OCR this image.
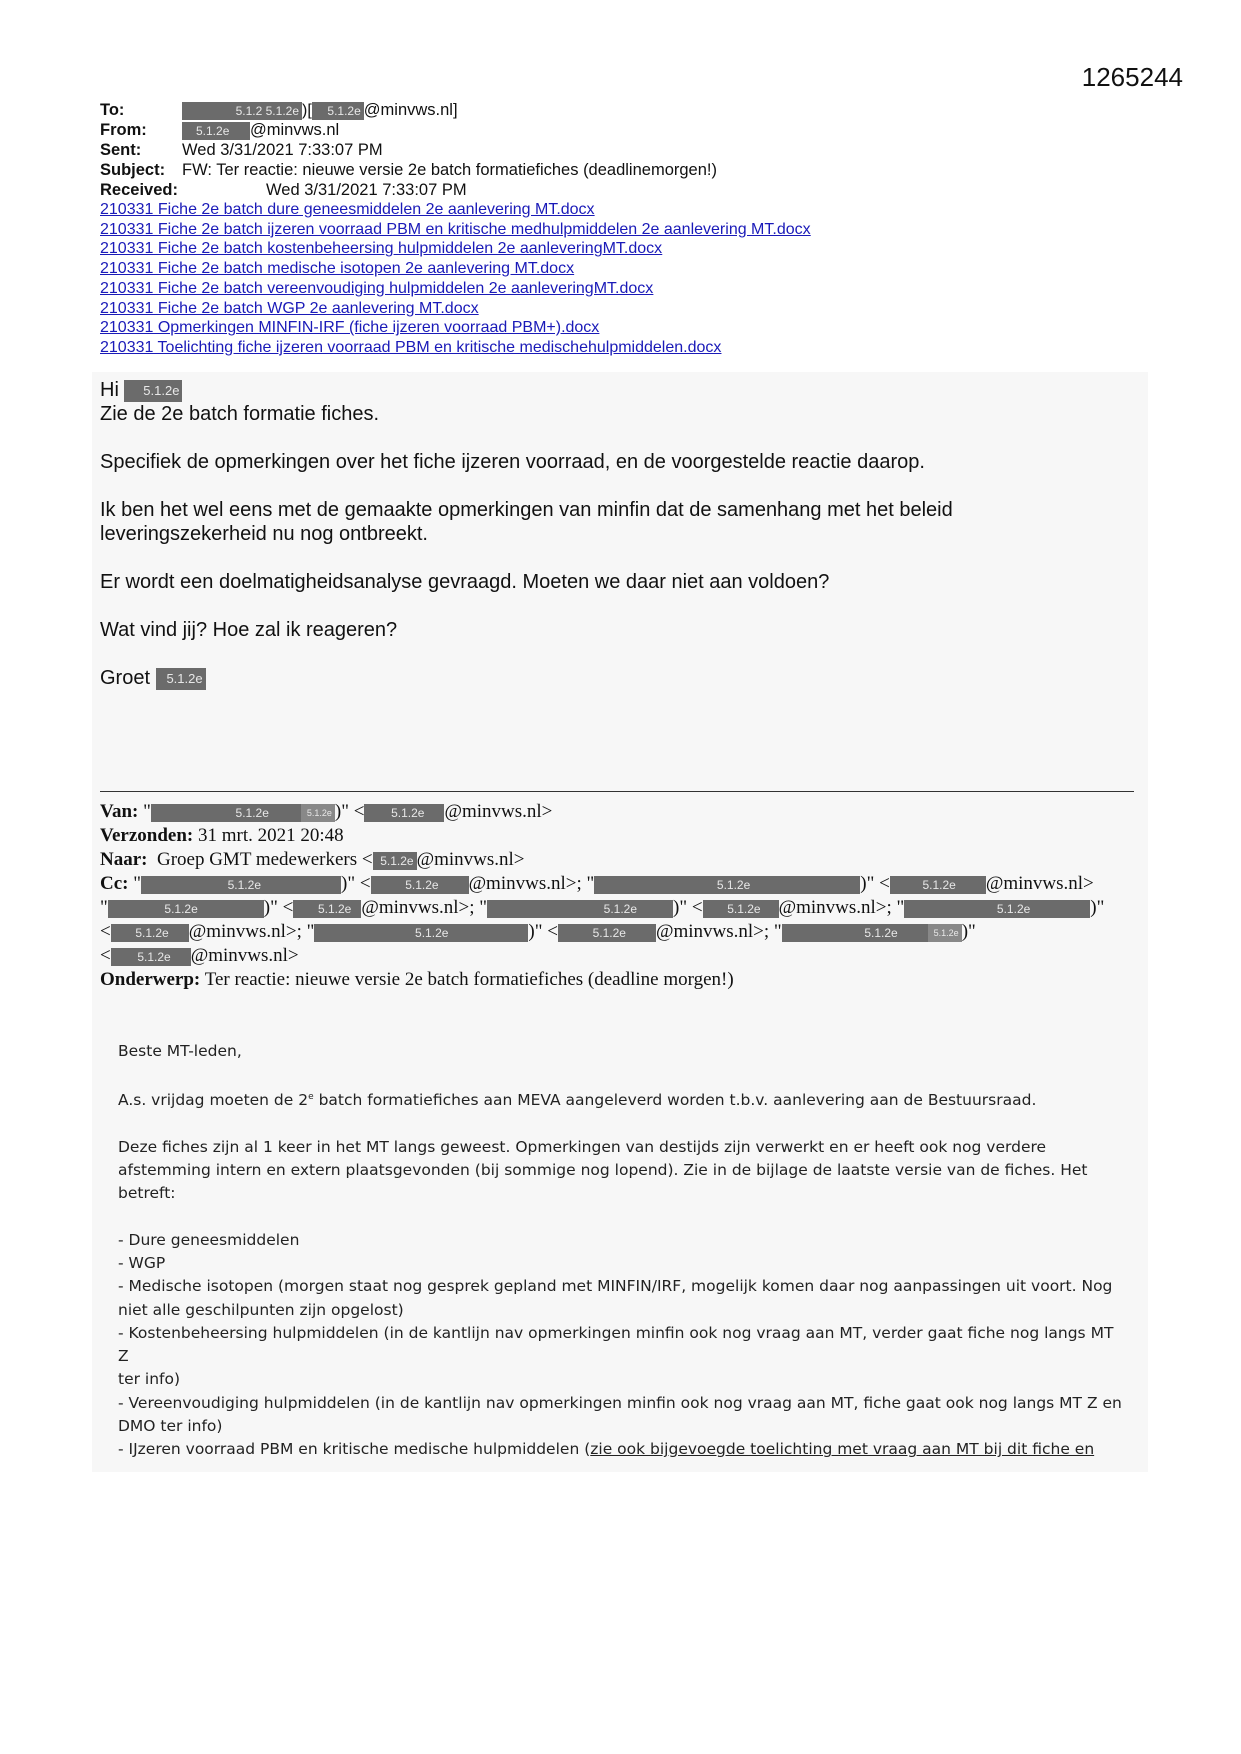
1265244
To:	5.1.2 5.1.2e )[ 5.1.2e @minvws.nl]
From:	5.1.2e @minvws.nl
Sent: Wed 3/31/2021 7:33:07 PM
Subject: FW: Ter reactie: nieuwe versie 2e batch formatiefiches (deadlinemorgen!)
Received:	Wed 3/31/2021 7:33:07 PM
210331 Fiche 2e batch dure geneesmiddelen 2e aanlevering MT.docx
210331 Fiche 2e batch ijzeren voorraad PBM en kritische medhulpmiddelen 2e aanlevering MT.docx
210331 Fiche 2e batch kostenbeheersing hulpmiddelen 2e aanleveringMT.docx
210331 Fiche 2e batch medische isotopen 2e aanlevering MT.docx
210331 Fiche 2e batch vereenvoudiging hulpmiddelen 2e aanleveringMT.docx
210331 Fiche 2e batch WGP 2e aanlevering MT.docx
210331 Opmerkingen MINFIN-IRF (fiche ijzeren voorraad PBM+).docx
210331 Toelichting fiche ijzeren voorraad PBM en kritische medischehulpmiddelen.docx

Hi 5.1.2e

Zie de 2e batch formatie fiches.

Specifiek de opmerkingen over het fiche ijzeren voorraad, en de voorgestelde reactie daarop.

Ik ben het wel eens met de gemaakte opmerkingen van minfin dat de samenhang met het beleid

leveringszekerheid nu nog ontbreekt.

Er wordt een doelmatigheidsanalyse gevraagd. Moeten we daar niet aan voldoen?

Wat vind jij? Hoe zal ik reageren?

Groet 5.1.2e

Van: "	5.1.2e	5.1.2e )" < 5.1.2e @minvws.nl>
Verzonden: 31 mrt. 2021 20:48
Naar: Groep GMT medewerkers < 5.1.2e @minvws.nl>
Cc: "	5.1.2e	)" <	5.1.2e @minvws.nl>; "	5.1.2e	)" <	5.1.2e @minvws.nl>
"	5.1.2e	)" < 5.1.2e @minvws.nl>; "	5.1.2e )" < 5.1.2e @minvws.nl>; "	5.1.2e	)"
< 5.1.2e @minvws.nl>; "	5.1.2e	)" <	5.1.2e @minvws.nl>; "	5.1.2e	5.1.2e )"
< 5.1.2e @minvws.nl>
Onderwerp: Ter reactie: nieuwe versie 2e batch formatiefiches (deadline morgen!)

Beste MT-leden,

A.s. vrijdag moeten de 2e batch formatiefiches aan MEVA aangeleverd worden t.b.v. aanlevering aan de Bestuursraad.

Deze fiches zijn al 1 keer in het MT langs geweest. Opmerkingen van destijds zijn verwerkt en er heeft ook nog verdere

afstemming intern en extern plaatsgevonden (bij sommige nog lopend). Zie in de bijlage de laatste versie van de fiches. Het

betreft:

- Dure geneesmiddelen

- WGP

- Medische isotopen (morgen staat nog gesprek gepland met MINFIN/IRF, mogelijk komen daar nog aanpassingen uit voort. Nog

niet alle geschilpunten zijn opgelost)

- Kostenbeheersing hulpmiddelen (in de kantlijn nav opmerkingen minfin ook nog vraag aan MT, verder gaat fiche nog langs MT Z

ter info)

- Vereenvoudiging hulpmiddelen (in de kantlijn nav opmerkingen minfin ook nog vraag aan MT, fiche gaat ook nog langs MT Z en

DMO ter info)

- IJzeren voorraad PBM en kritische medische hulpmiddelen (zie ook bijgevoegde toelichting met vraag aan MT bij dit fiche en
